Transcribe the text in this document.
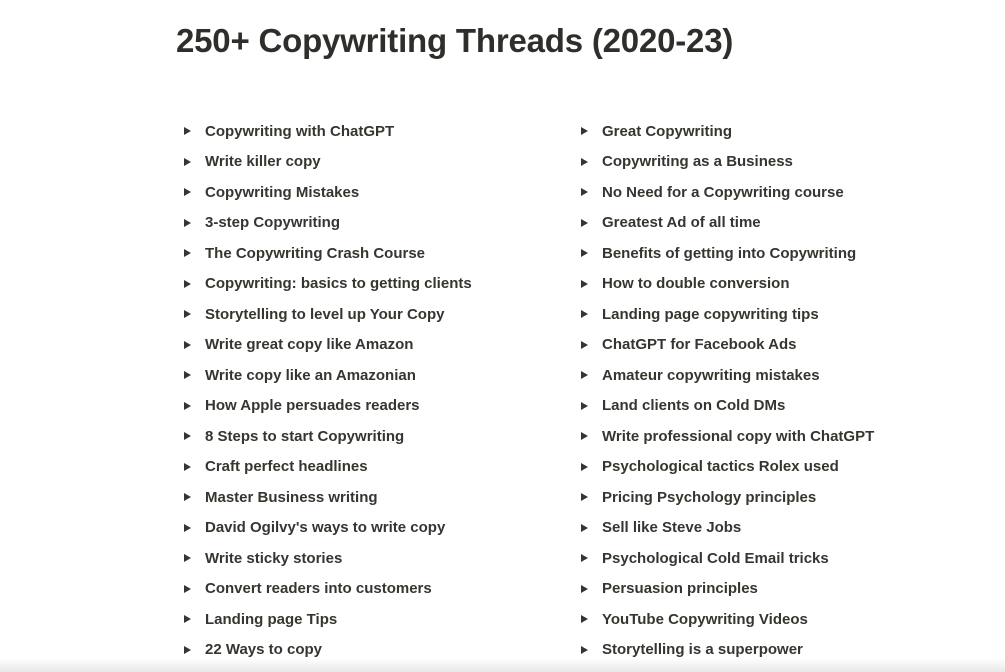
250+ Copywriting Threads (2020-23)
Copywriting with ChatGPT
Write killer copy
Copywriting Mistakes
3-step Copywriting
The Copywriting Crash Course
Copywriting: basics to getting clients
Storytelling to level up Your Copy
Write great copy like Amazon
Write copy like an Amazonian
How Apple persuades readers
8 Steps to start Copywriting
Craft perfect headlines
Master Business writing
David Ogilvy's ways to write copy
Write sticky stories
Convert readers into customers
Landing page Tips
22 Ways to copy
Great Copywriting
Copywriting as a Business
No Need for a Copywriting course
Greatest Ad of all time
Benefits of getting into Copywriting
How to double conversion
Landing page copywriting tips
ChatGPT for Facebook Ads
Amateur copywriting mistakes
Land clients on Cold DMs
Write professional copy with ChatGPT
Psychological tactics Rolex used
Pricing Psychology principles
Sell like Steve Jobs
Psychological Cold Email tricks
Persuasion principles
YouTube Copywriting Videos
Storytelling is a superpower
